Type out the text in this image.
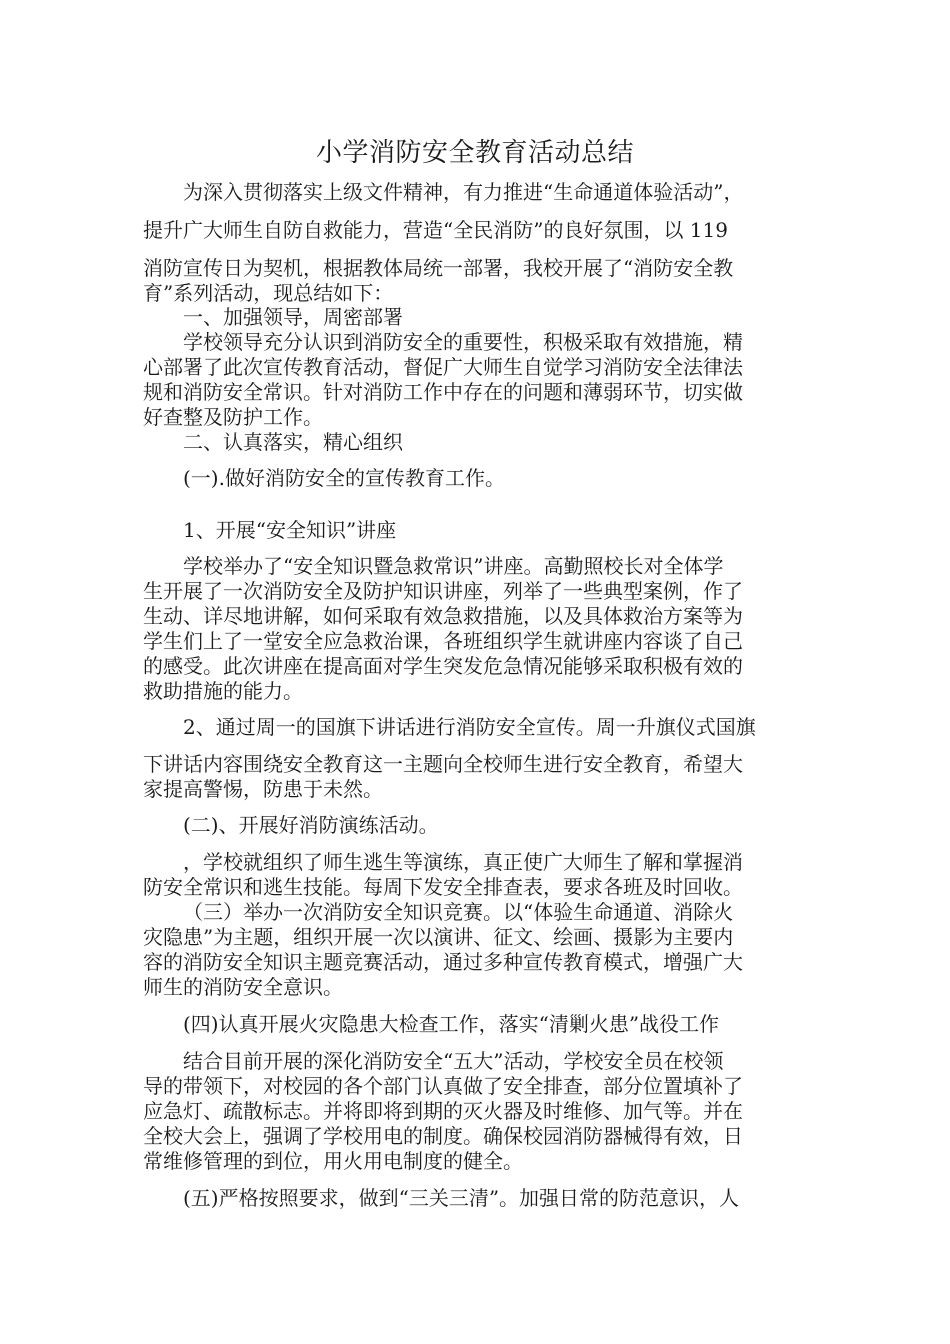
小学消防安全教育活动总结
为深入贯彻落实上级文件精神，有力推进“生命通道体验活动”，
提升广大师生自防自救能力，营造“全民消防”的良好氛围，以 119
消防宣传日为契机，根据教体局统一部署，我校开展了“消防安全教
育”系列活动，现总结如下：
一、加强领导，周密部署
学校领导充分认识到消防安全的重要性，积极采取有效措施，精
心部署了此次宣传教育活动，督促广大师生自觉学习消防安全法律法
规和消防安全常识。针对消防工作中存在的问题和薄弱环节，切实做
好查整及防护工作。
二、认真落实，精心组织
(一).做好消防安全的宣传教育工作。
1、开展“安全知识”讲座
学校举办了“安全知识暨急救常识”讲座。高勤照校长对全体学
生开展了一次消防安全及防护知识讲座，列举了一些典型案例，作了
生动、详尽地讲解，如何采取有效急救措施，以及具体救治方案等为
学生们上了一堂安全应急救治课，各班组织学生就讲座内容谈了自己
的感受。此次讲座在提高面对学生突发危急情况能够采取积极有效的
救助措施的能力。
2、通过周一的国旗下讲话进行消防安全宣传。周一升旗仪式国旗
下讲话内容围绕安全教育这一主题向全校师生进行安全教育，希望大
家提高警惕，防患于未然。
(二)、开展好消防演练活动。
，学校就组织了师生逃生等演练，真正使广大师生了解和掌握消
防安全常识和逃生技能。每周下发安全排查表，要求各班及时回收。
（三）举办一次消防安全知识竞赛。以“体验生命通道、消除火
灾隐患”为主题，组织开展一次以演讲、征文、绘画、摄影为主要内
容的消防安全知识主题竞赛活动，通过多种宣传教育模式，增强广大
师生的消防安全意识。
(四)认真开展火灾隐患大检查工作，落实“清剿火患”战役工作
结合目前开展的深化消防安全“五大”活动，学校安全员在校领
导的带领下，对校园的各个部门认真做了安全排查，部分位置填补了
应急灯、疏散标志。并将即将到期的灭火器及时维修、加气等。并在
全校大会上，强调了学校用电的制度。确保校园消防器械得有效，日
常维修管理的到位，用火用电制度的健全。
(五)严格按照要求，做到“三关三清”。加强日常的防范意识，人
